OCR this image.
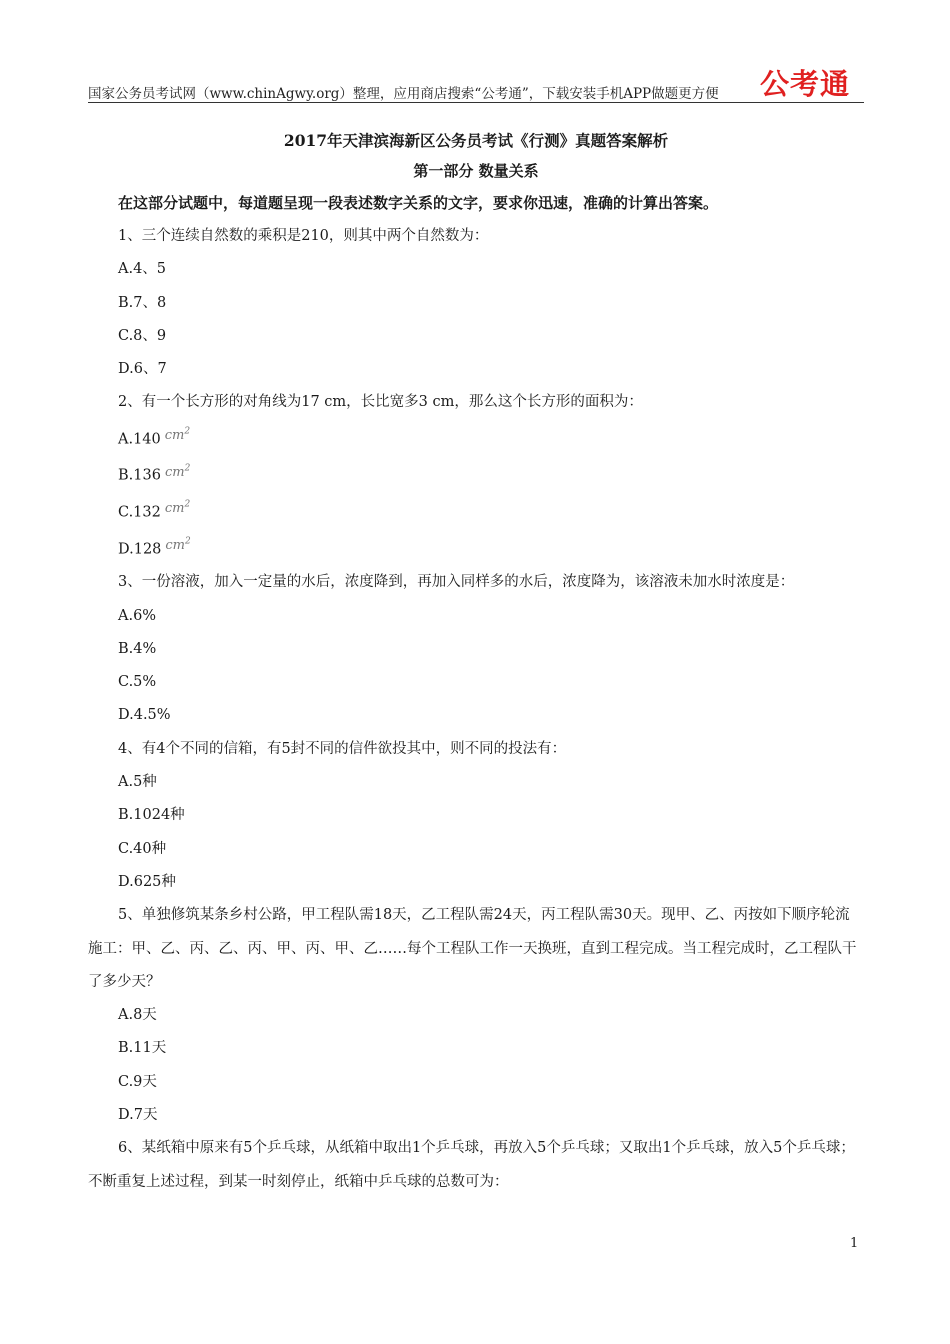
国家公务员考试网（www.chinAgwy.org）整理，应用商店搜索“公考通”，下载安装手机APP做题更方便 公考通
2017年天津滨海新区公务员考试《行测》真题答案解析
第一部分 数量关系
在这部分试题中，每道题呈现一段表述数字关系的文字，要求你迅速，准确的计算出答案。

1、三个连续自然数的乘积是210，则其中两个自然数为：

A.4、5

B.7、8

C.8、9

D.6、7

2、有一个长方形的对角线为17 cm，长比宽多3 cm，那么这个长方形的面积为：

A.140 $cm^2$

B.136 $cm^2$

C.132 $cm^2$

D.128 $cm^2$

3、一份溶液，加入一定量的水后，浓度降到，再加入同样多的水后，浓度降为，该溶液未加水时浓度是：

A.6%

B.4%

C.5%

D.4.5%

4、有4个不同的信箱，有5封不同的信件欲投其中，则不同的投法有：

A.5种

B.1024种

C.40种

D.625种

5、单独修筑某条乡村公路，甲工程队需18天，乙工程队需24天，丙工程队需30天。现甲、乙、丙按如下顺序轮流施工：甲、乙、丙、乙、丙、甲、丙、甲、乙……每个工程队工作一天换班，直到工程完成。当工程完成时，乙工程队干了多少天？

A.8天

B.11天

C.9天

D.7天

6、某纸箱中原来有5个乒乓球，从纸箱中取出1个乒乓球，再放入5个乒乓球；又取出1个乒乓球，放入5个乒乓球；不断重复上述过程，到某一时刻停止，纸箱中乒乓球的总数可为：

1
